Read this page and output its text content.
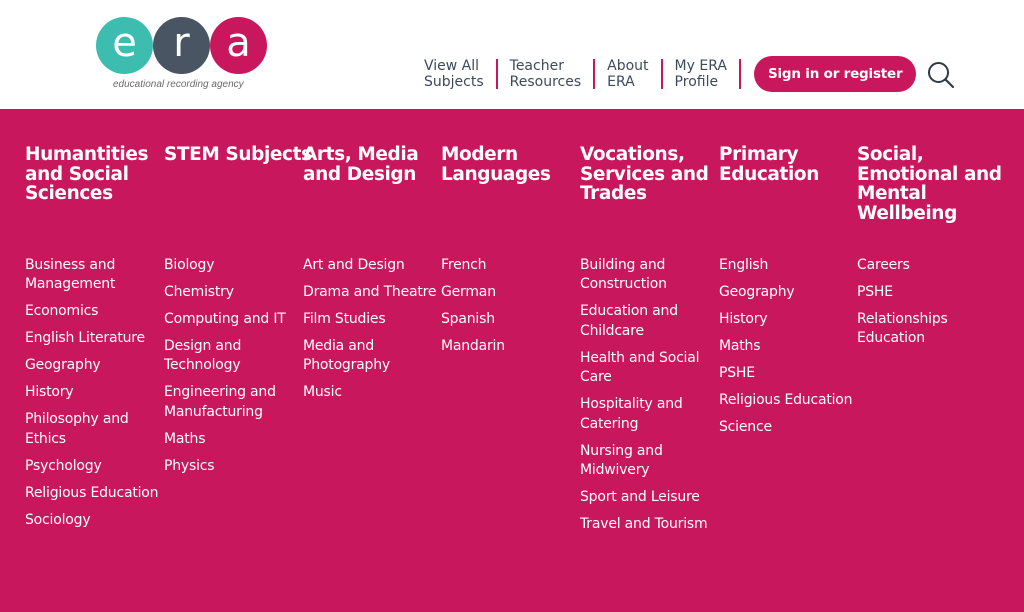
e r a
educational recording agency
View All
Subjects
Teacher
Resources
About
ERA
My ERA
Profile	Sign in or register
Humantities and Social Sciences
Business and Management
Economics
English Literature
Geography
History
Philosophy and Ethics
Psychology
Religious Education
Sociology
STEM Subjects
Biology
Chemistry
Computing and IT
Design and Technology
Engineering and Manufacturing
Maths
Physics
Arts, Media and Design
Art and Design
Drama and Theatre
Film Studies
Media and Photography
Music
Modern Languages
French
German
Spanish
Mandarin
Vocations, Services and Trades
Building and Construction
Education and Childcare
Health and Social Care
Hospitality and Catering
Nursing and Midwivery
Sport and Leisure
Travel and Tourism
Primary Education
English
Geography
History
Maths
PSHE
Religious Education
Science
Social, Emotional and Mental Wellbeing
Careers
PSHE
Relationships Education
